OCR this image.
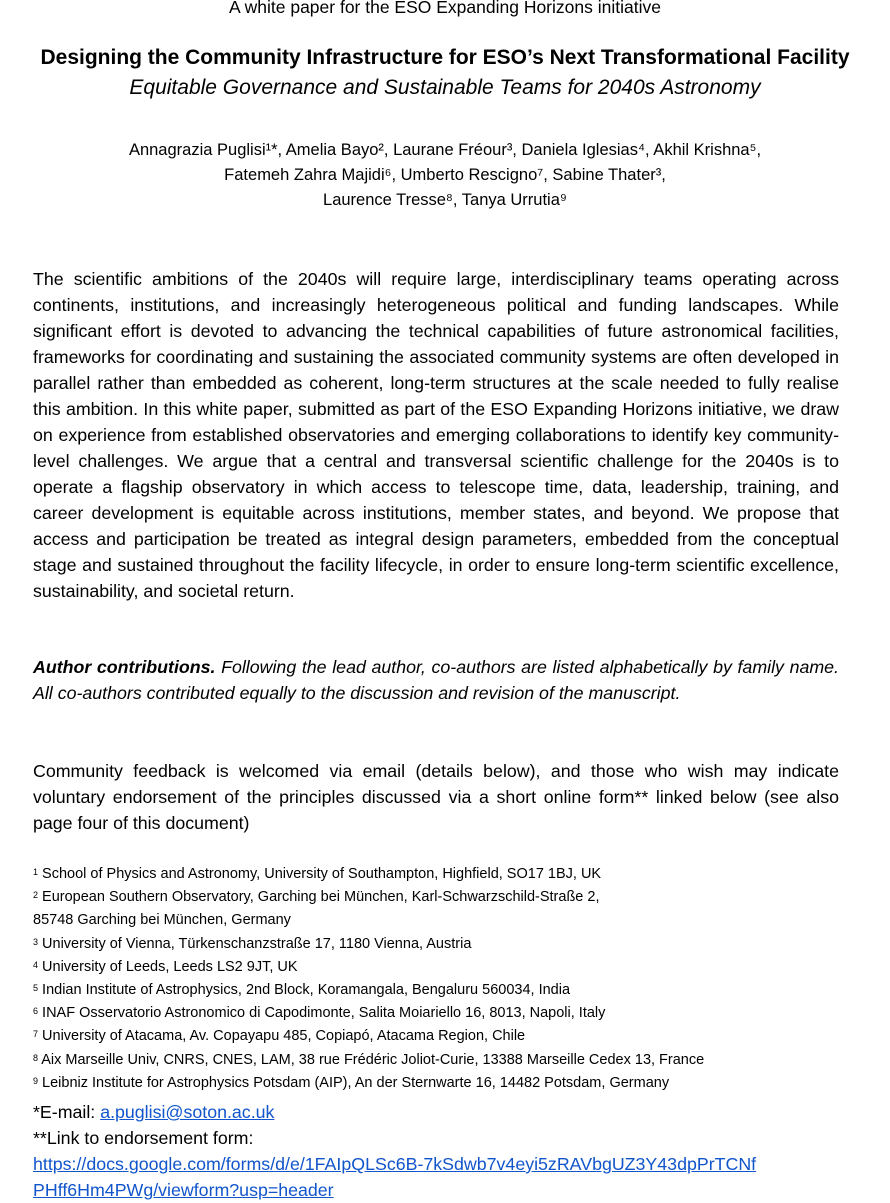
A white paper for the ESO Expanding Horizons initiative
Designing the Community Infrastructure for ESO’s Next Transformational Facility
Equitable Governance and Sustainable Teams for 2040s Astronomy
Annagrazia Puglisi¹*, Amelia Bayo², Laurane Fréour³, Daniela Iglesias⁴, Akhil Krishna⁵,
Fatemeh Zahra Majidi⁶, Umberto Rescigno⁷, Sabine Thater³,
Laurence Tresse⁸, Tanya Urrutia⁹

The scientific ambitions of the 2040s will require large, interdisciplinary teams operating across continents, institutions, and increasingly heterogeneous political and funding landscapes. While significant effort is devoted to advancing the technical capabilities of future astronomical facilities, frameworks for coordinating and sustaining the associated community systems are often developed in parallel rather than embedded as coherent, long-term structures at the scale needed to fully realise this ambition. In this white paper, submitted as part of the ESO Expanding Horizons initiative, we draw on experience from established observatories and emerging collaborations to identify key community-level challenges. We argue that a central and transversal scientific challenge for the 2040s is to operate a flagship observatory in which access to telescope time, data, leadership, training, and career development is equitable across institutions, member states, and beyond. We propose that access and participation be treated as integral design parameters, embedded from the conceptual stage and sustained throughout the facility lifecycle, in order to ensure long-term scientific excellence, sustainability, and societal return.

Author contributions. Following the lead author, co-authors are listed alphabetically by family name. All co-authors contributed equally to the discussion and revision of the manuscript.

Community feedback is welcomed via email (details below), and those who wish may indicate voluntary endorsement of the principles discussed via a short online form** linked below (see also page four of this document)

$^1$ School of Physics and Astronomy, University of Southampton, Highfield, SO17 1BJ, UK
$^2$ European Southern Observatory, Garching bei München, Karl-Schwarzschild-Straße 2,
85748 Garching bei München, Germany
$^3$ University of Vienna, Türkenschanzstraße 17, 1180 Vienna, Austria
$^4$ University of Leeds, Leeds LS2 9JT, UK
$^5$ Indian Institute of Astrophysics, 2nd Block, Koramangala, Bengaluru 560034, India
$^6$ INAF Osservatorio Astronomico di Capodimonte, Salita Moiariello 16, 8013, Napoli, Italy
$^7$ University of Atacama, Av. Copayapu 485, Copiapó, Atacama Region, Chile
$^8$ Aix Marseille Univ, CNRS, CNES, LAM, 38 rue Frédéric Joliot-Curie, 13388 Marseille Cedex 13, France
$^9$ Leibniz Institute for Astrophysics Potsdam (AIP), An der Sternwarte 16, 14482 Potsdam, Germany
*E-mail: a.puglisi@soton.ac.uk
**Link to endorsement form:
https://docs.google.com/forms/d/e/1FAIpQLSc6B-7kSdwb7v4eyi5zRAVbgUZ3Y43dpPrTCNf
PHff6Hm4PWg/viewform?usp=header
